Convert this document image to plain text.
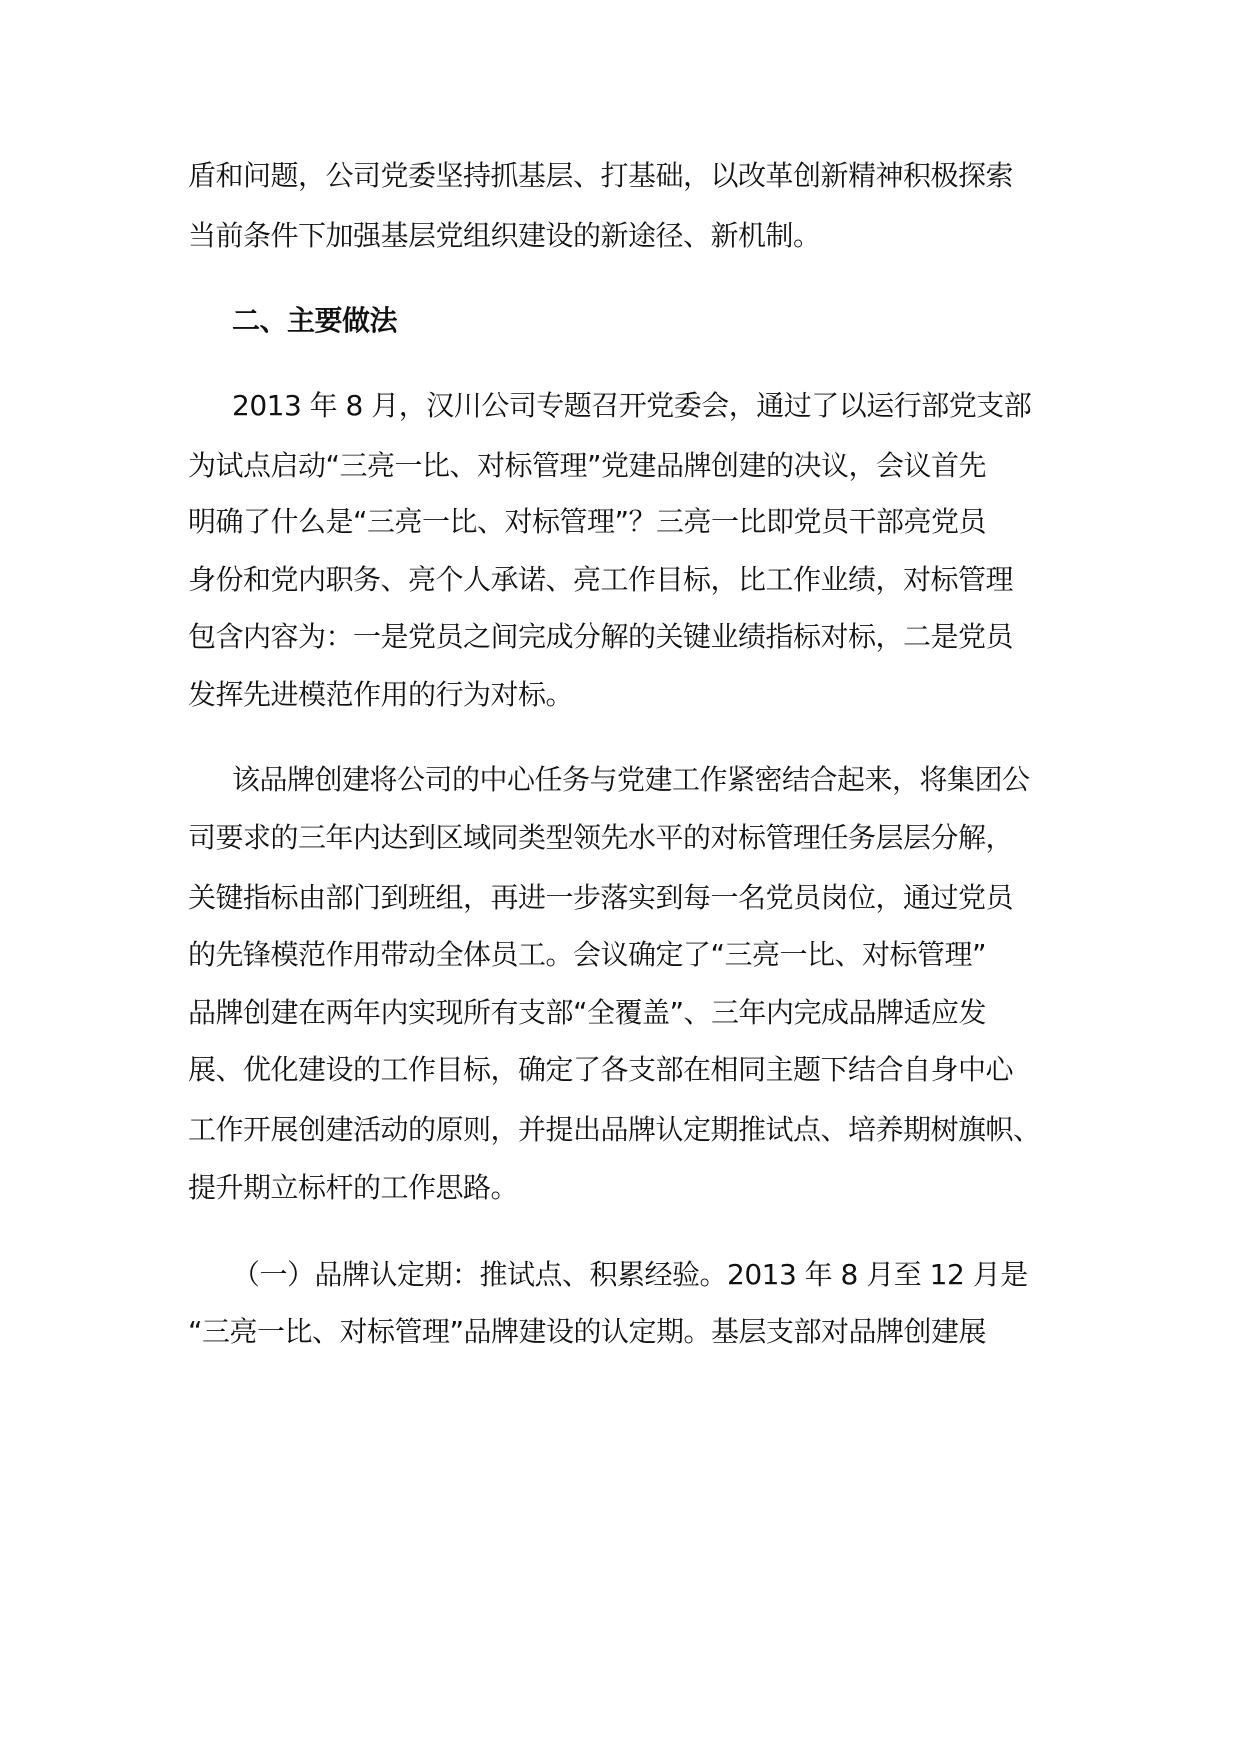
盾和问题，公司党委坚持抓基层、打基础，以改革创新精神积极探索
当前条件下加强基层党组织建设的新途径、新机制。
二、主要做法
2013 年 8 月，汉川公司专题召开党委会，通过了以运行部党支部
为试点启动“三亮一比、对标管理”党建品牌创建的决议，会议首先
明确了什么是“三亮一比、对标管理”？三亮一比即党员干部亮党员
身份和党内职务、亮个人承诺、亮工作目标，比工作业绩，对标管理
包含内容为：一是党员之间完成分解的关键业绩指标对标，二是党员
发挥先进模范作用的行为对标。
该品牌创建将公司的中心任务与党建工作紧密结合起来，将集团公
司要求的三年内达到区域同类型领先水平的对标管理任务层层分解，
关键指标由部门到班组，再进一步落实到每一名党员岗位，通过党员
的先锋模范作用带动全体员工。会议确定了“三亮一比、对标管理”
品牌创建在两年内实现所有支部“全覆盖”、三年内完成品牌适应发
展、优化建设的工作目标，确定了各支部在相同主题下结合自身中心
工作开展创建活动的原则，并提出品牌认定期推试点、培养期树旗帜、
提升期立标杆的工作思路。
（一）品牌认定期：推试点、积累经验。2013 年 8 月至 12 月是
“三亮一比、对标管理”品牌建设的认定期。基层支部对品牌创建展
